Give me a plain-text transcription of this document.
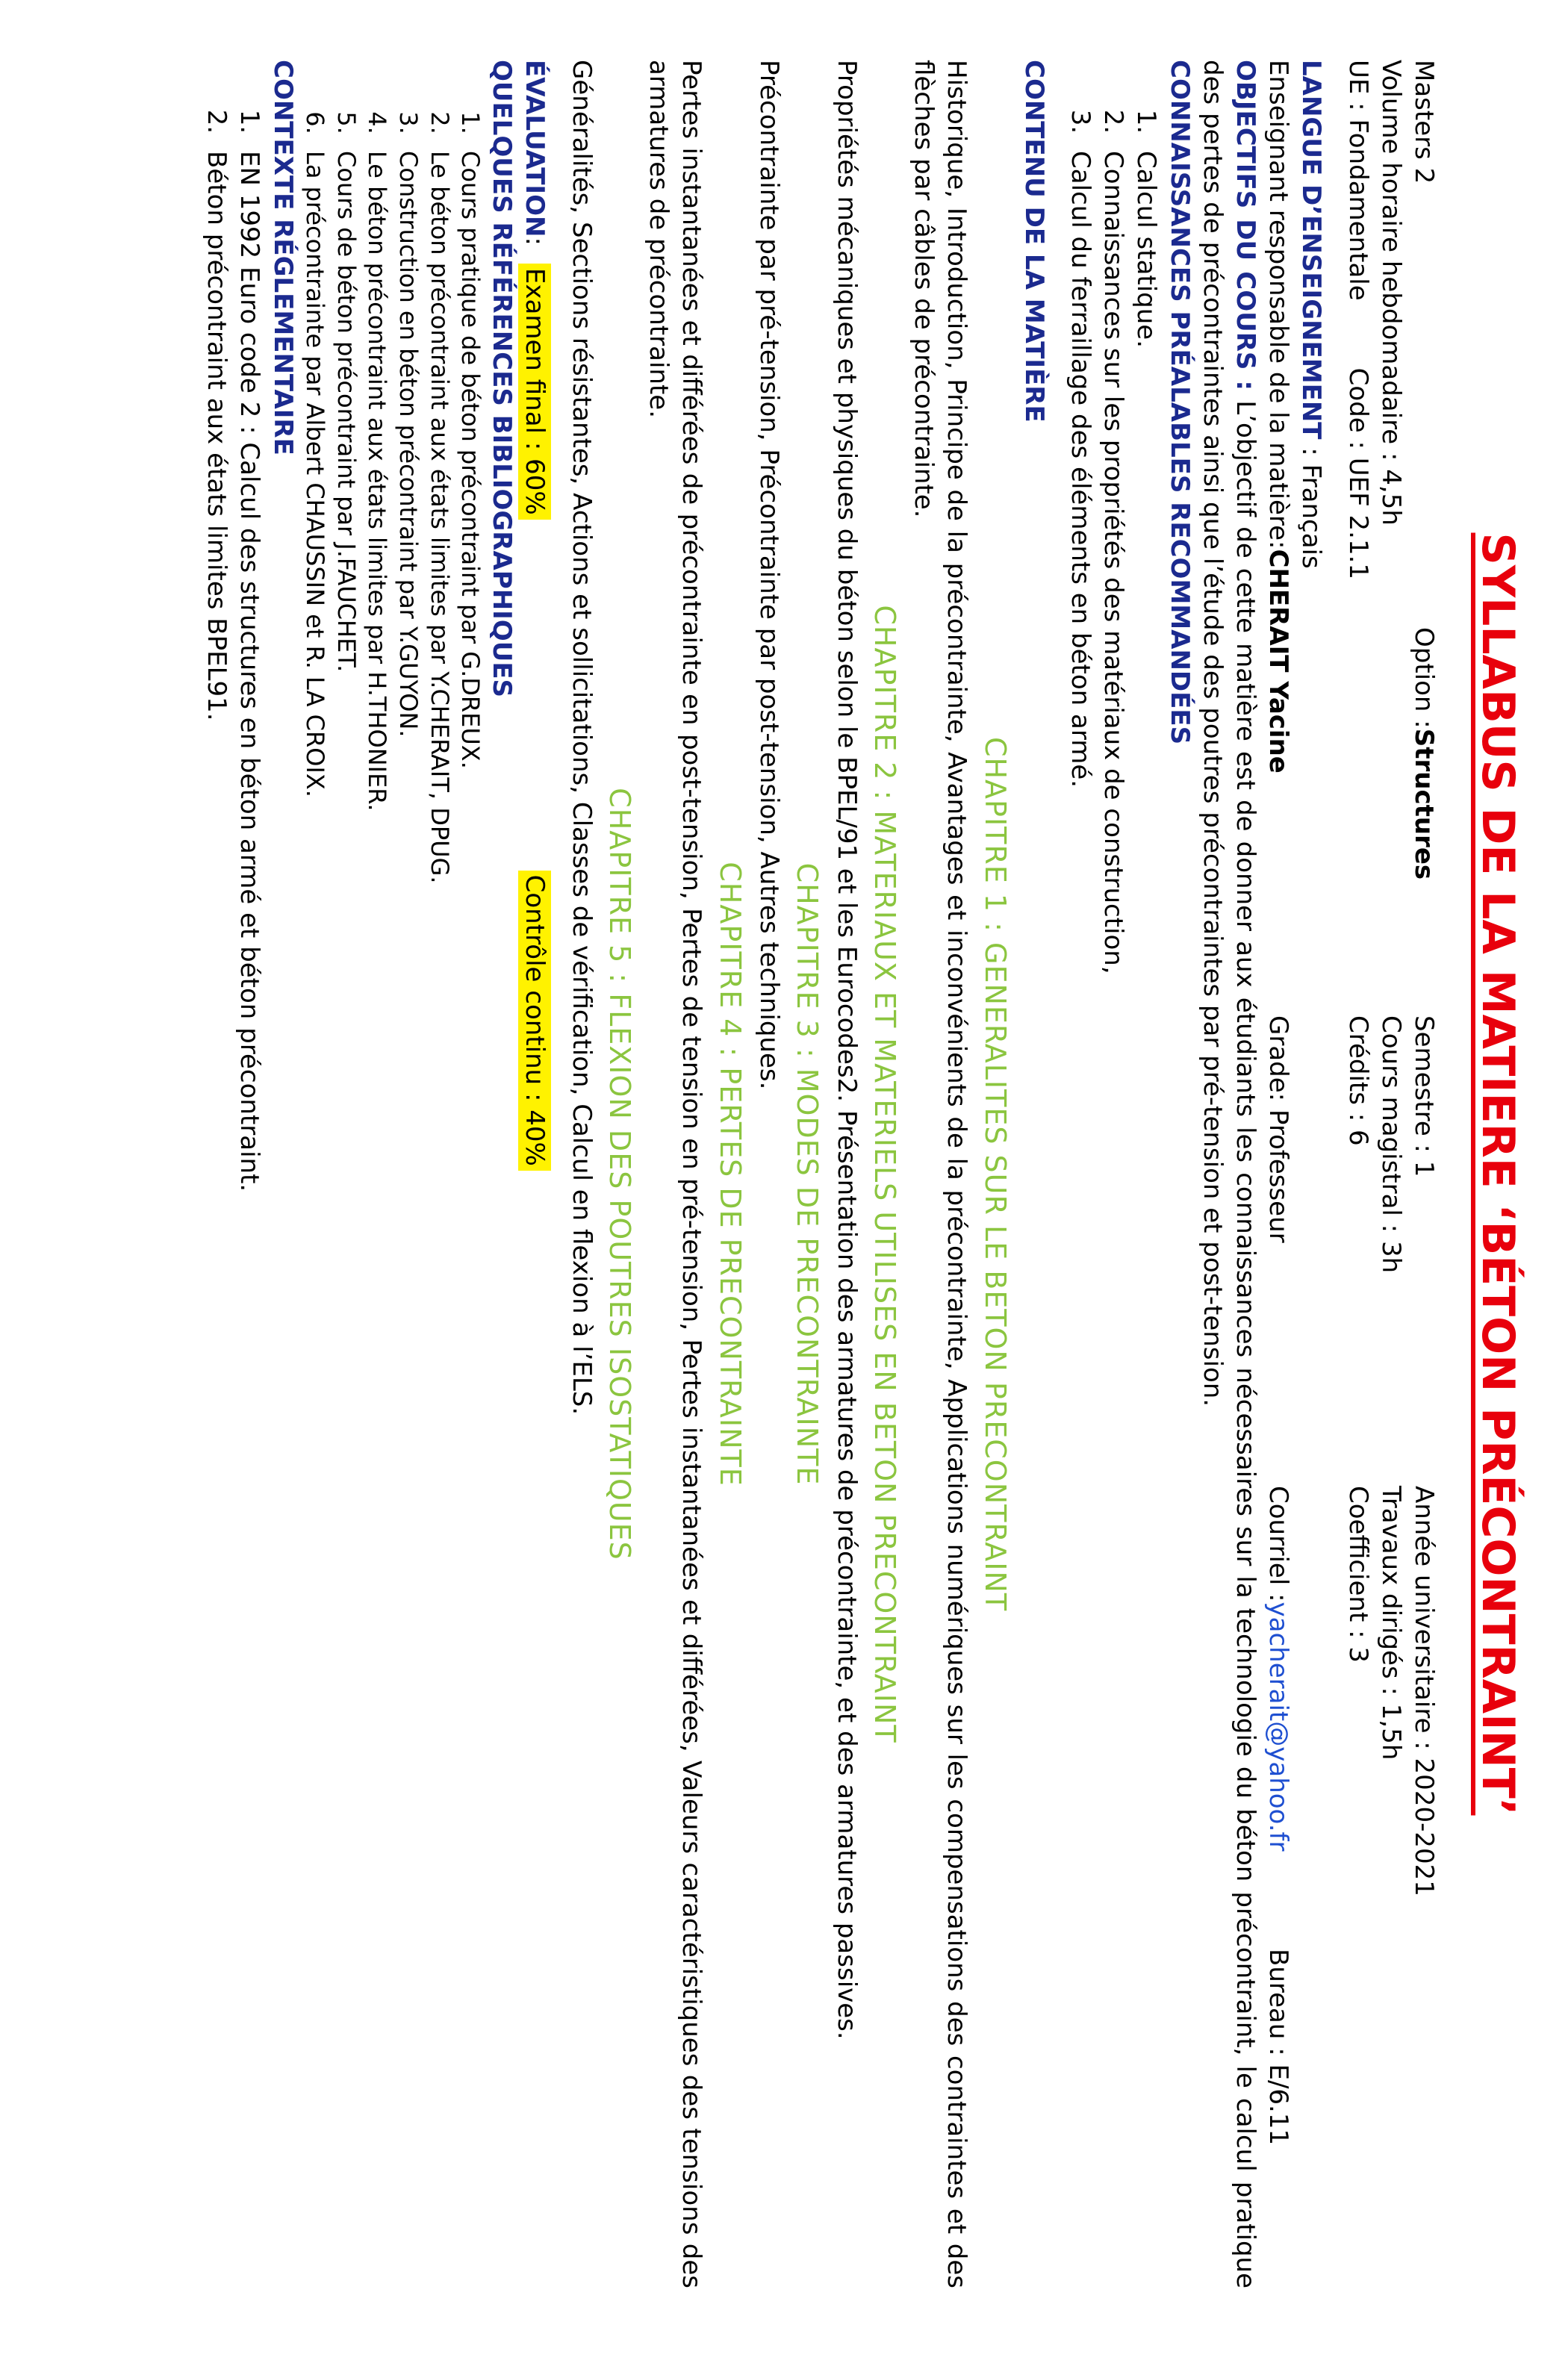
SYLLABUS DE LA MATIERE ‘BÉTON PRÉCONTRAINT’
Masters 2
Option :Structures
Semestre : 1
Année universitaire : 2020-2021
Volume horaire hebdomadaire : 4,5h
Cours magistral : 3h
Travaux dirigés : 1,5h
UE : FondamentaleCode : UEF 2.1.1
Crédits : 6
Coefficient : 3
LANGUE D’ENSEIGNEMENT : Français
Enseignant responsable de la matière:CHERAIT Yacine
Grade: Professeur
Courriel :yacherait@yahoo.fr
Bureau : E/6.11

OBJECTIFS DU COURS : L’objectif de cette matière est de donner aux étudiants les connaissances nécessaires sur la technologie du béton précontraint, le calcul pratique des pertes de précontraintes ainsi que l’étude des poutres précontraintes par pré-tension et post-tension.

CONNAISSANCES PRÉALABLES RECOMMANDÉES
1. Calcul statique.
2. Connaissances sur les propriétés des matériaux de construction,
3. Calcul du ferraillage des éléments en béton armé.
CONTENU DE LA MATIÈRE
CHAPITRE 1 : GENERALITES SUR LE BETON PRECONTRAINT

Historique, Introduction, Principe de la précontrainte, Avantages et inconvénients de la précontrainte, Applications numériques sur les compensations des contraintes et des flèches par câbles de précontrainte.

CHAPITRE 2 : MATERIAUX ET MATERIELS UTILISES EN BETON PRECONTRAINT

Propriétés mécaniques et physiques du béton selon le BPEL/91 et les Eurocodes2. Présentation des armatures de précontrainte, et des armatures passives.

CHAPITRE 3 : MODES DE PRECONTRAINTE

Précontrainte par pré-tension, Précontrainte par post-tension, Autres techniques.

CHAPITRE 4 : PERTES DE PRECONTRAINTE

Pertes instantanées et différées de précontrainte en post-tension, Pertes de tension en pré-tension, Pertes instantanées et différées, Valeurs caractéristiques des tensions des armatures de précontrainte.

CHAPITRE 5 : FLEXION DES POUTRES ISOSTATIQUES

Généralités, Sections résistantes, Actions et sollicitations, Classes de vérification, Calcul en flexion à l’ELS.

ÉVALUATION
:
Examen final : 60%
Contrôle continu : 40%
QUELQUES RÉFÉRENCES BIBLIOGRAPHIQUES
1. Cours pratique de béton précontraint par G.DREUX.
2. Le béton précontraint aux états limites par Y.CHERAIT, DPUG.
3. Construction en béton précontraint par Y.GUYON.
4. Le béton précontraint aux états limites par H.THONIER.
5. Cours de béton précontraint par J.FAUCHET.
6. La précontrainte par Albert CHAUSSIN et R. LA CROIX.
CONTEXTE RÉGLEMENTAIRE
1. EN 1992 Euro code 2 : Calcul des structures en béton armé et béton précontraint.
2. Béton précontraint aux états limites BPEL91.
